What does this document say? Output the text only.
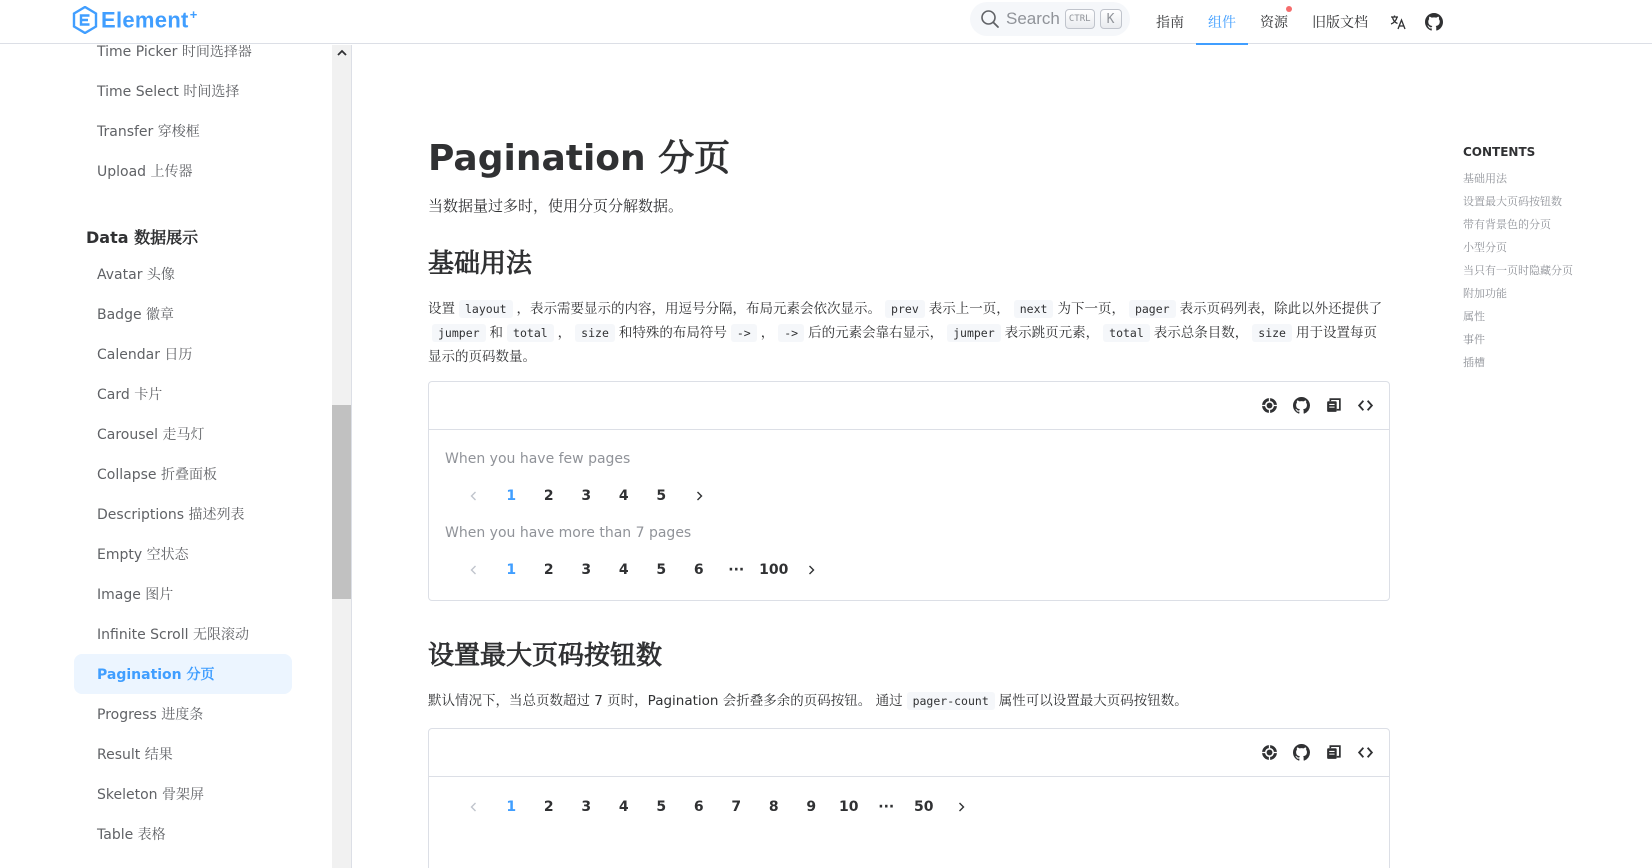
Element+	Search	CTRL	K	指南	组件	资源	旧版文档
Time Picker 时间选择器
Time Select 时间选择
Transfer 穿梭框
Upload 上传器
Data 数据展示
Avatar 头像
Badge 徽章
Calendar 日历
Card 卡片
Carousel 走马灯
Collapse 折叠面板
Descriptions 描述列表
Empty 空状态
Image 图片
Infinite Scroll 无限滚动
Pagination 分页
Progress 进度条
Result 结果
Skeleton 骨架屏
Table 表格
Pagination 分页
当数据量过多时，使用分页分解数据。
基础用法
设置 layout ，表示需要显示的内容，用逗号分隔，布局元素会依次显示。 prev 表示上一页， next 为下一页， pager 表示页码列表，除此以外还提供了jumper 和 total ， size 和特殊的布局符号 -> ， -> 后的元素会靠右显示， jumper 表示跳页元素， total 表示总条目数， size 用于设置每页显示的页码数量。
When you have few pages
1	2	3	4	5
When you have more than 7 pages
1	2	3	4	5	6	···	100
设置最大页码按钮数
默认情况下，当总页数超过 7 页时，Pagination 会折叠多余的页码按钮。 通过 pager-count 属性可以设置最大页码按钮数。
1	2	3	4	5	6	7	8	9	10	···	50
CONTENTS
基础用法
设置最大页码按钮数
带有背景色的分页
小型分页
当只有一页时隐藏分页
附加功能
属性
事件
插槽
